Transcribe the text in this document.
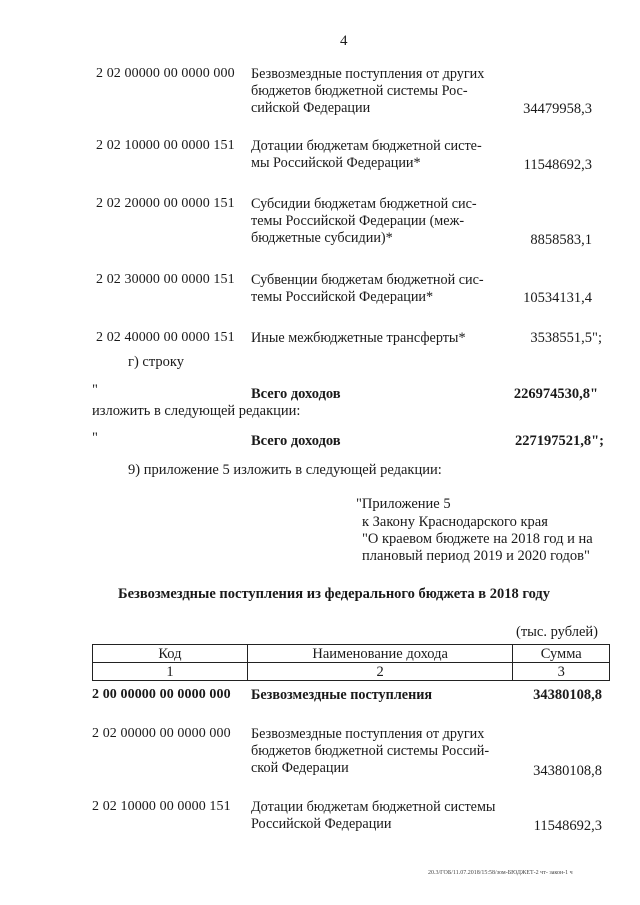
4
2 02 00000 00 0000 000 Безвозмездные поступления от других
бюджетов бюджетной системы Рос-
сийской Федерации	34479958,3
2 02 10000 00 0000 151 Дотации бюджетам бюджетной систе-
мы Российской Федерации*	11548692,3
2 02 20000 00 0000 151 Субсидии бюджетам бюджетной сис-
темы Российской Федерации (меж-
бюджетные субсидии)*	8858583,1
2 02 30000 00 0000 151 Субвенции бюджетам бюджетной сис-
темы Российской Федерации*	10534131,4
2 02 40000 00 0000 151 Иные межбюджетные трансферты*	3538551,5";
г) строку
"	Всего доходов	226974530,8"
изложить в следующей редакции:
"	Всего доходов	227197521,8";
9) приложение 5 изложить в следующей редакции:
"Приложение 5
к Закону Краснодарского края
"О краевом бюджете на 2018 год и на
плановый период 2019 и 2020 годов"
Безвозмездные поступления из федерального бюджета в 2018 году
(тыс. рублей)
Код	Наименование дохода	Сумма
1	2	3
2 00 00000 00 0000 000 Безвозмездные поступления	34380108,8
2 02 00000 00 0000 000 Безвозмездные поступления от других
бюджетов бюджетной системы Россий-
ской Федерации	34380108,8
2 02 10000 00 0000 151 Дотации бюджетам бюджетной системы
Российской Федерации	11548692,3
20.3/ГОБ/11.07.2018/15:58/зом-БЮДЖЕТ-2 чт- закон-1 ч
